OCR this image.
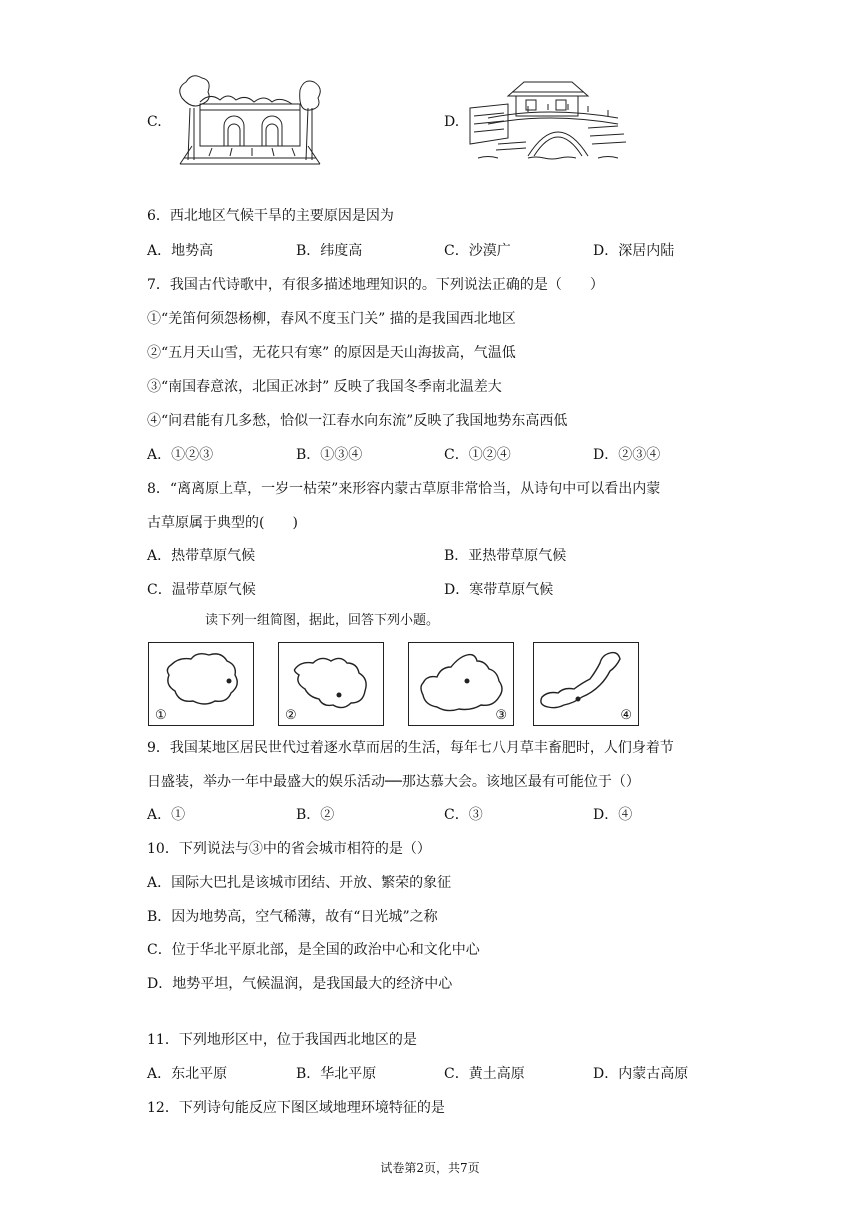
C.	D.
6．西北地区气候干旱的主要原因是因为
A．地势高	B．纬度高	C．沙漠广	D．深居内陆
7．我国古代诗歌中，有很多描述地理知识的。下列说法正确的是（　　）
①“羌笛何须怨杨柳，春风不度玉门关” 描的是我国西北地区
②“五月天山雪，无花只有寒” 的原因是天山海拔高，气温低
③“南国春意浓，北国正冰封” 反映了我国冬季南北温差大
④“问君能有几多愁，恰似一江春水向东流”反映了我国地势东高西低
A．①②③	B．①③④	C．①②④	D．②③④
8．“离离原上草，一岁一枯荣”来形容内蒙古草原非常恰当，从诗句中可以看出内蒙
古草原属于典型的(　　)
A．热带草原气候	B．亚热带草原气候
C．温带草原气候	D．寒带草原气候
读下列一组简图，据此，回答下列小题。
①	②	③	④
9．我国某地区居民世代过着逐水草而居的生活，每年七八月草丰畜肥时，人们身着节
日盛装，举办一年中最盛大的娱乐活动──那达慕大会。该地区最有可能位于（）
A．①	B．②	C．③	D．④
10．下列说法与③中的省会城市相符的是（）
A．国际大巴扎是该城市团结、开放、繁荣的象征
B．因为地势高，空气稀薄，故有“日光城”之称
C．位于华北平原北部，是全国的政治中心和文化中心
D．地势平坦，气候温润，是我国最大的经济中心
11．下列地形区中，位于我国西北地区的是
A．东北平原	B．华北平原	C．黄土高原	D．内蒙古高原
12．下列诗句能反应下图区域地理环境特征的是
试卷第2页，共7页
